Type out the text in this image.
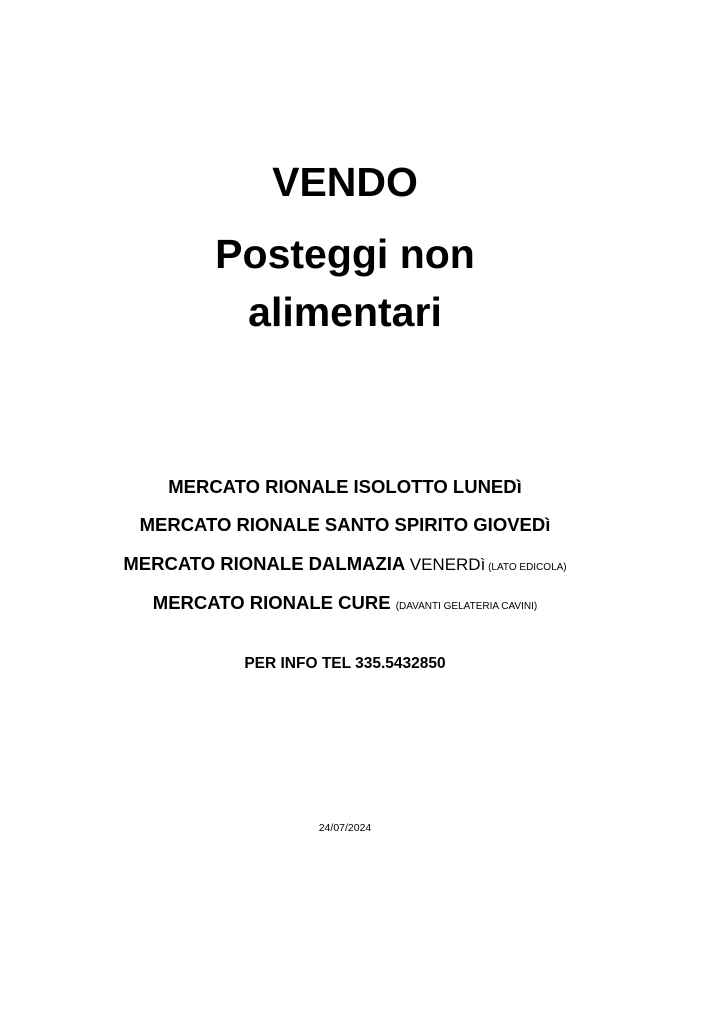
VENDO
Posteggi non
alimentari
MERCATO RIONALE ISOLOTTO LUNEDì
MERCATO RIONALE SANTO SPIRITO GIOVEDì
MERCATO RIONALE DALMAZIA VENERDì (LATO EDICOLA)
MERCATO RIONALE CURE (DAVANTI GELATERIA CAVINI)
PER INFO TEL 335.5432850
24/07/2024
